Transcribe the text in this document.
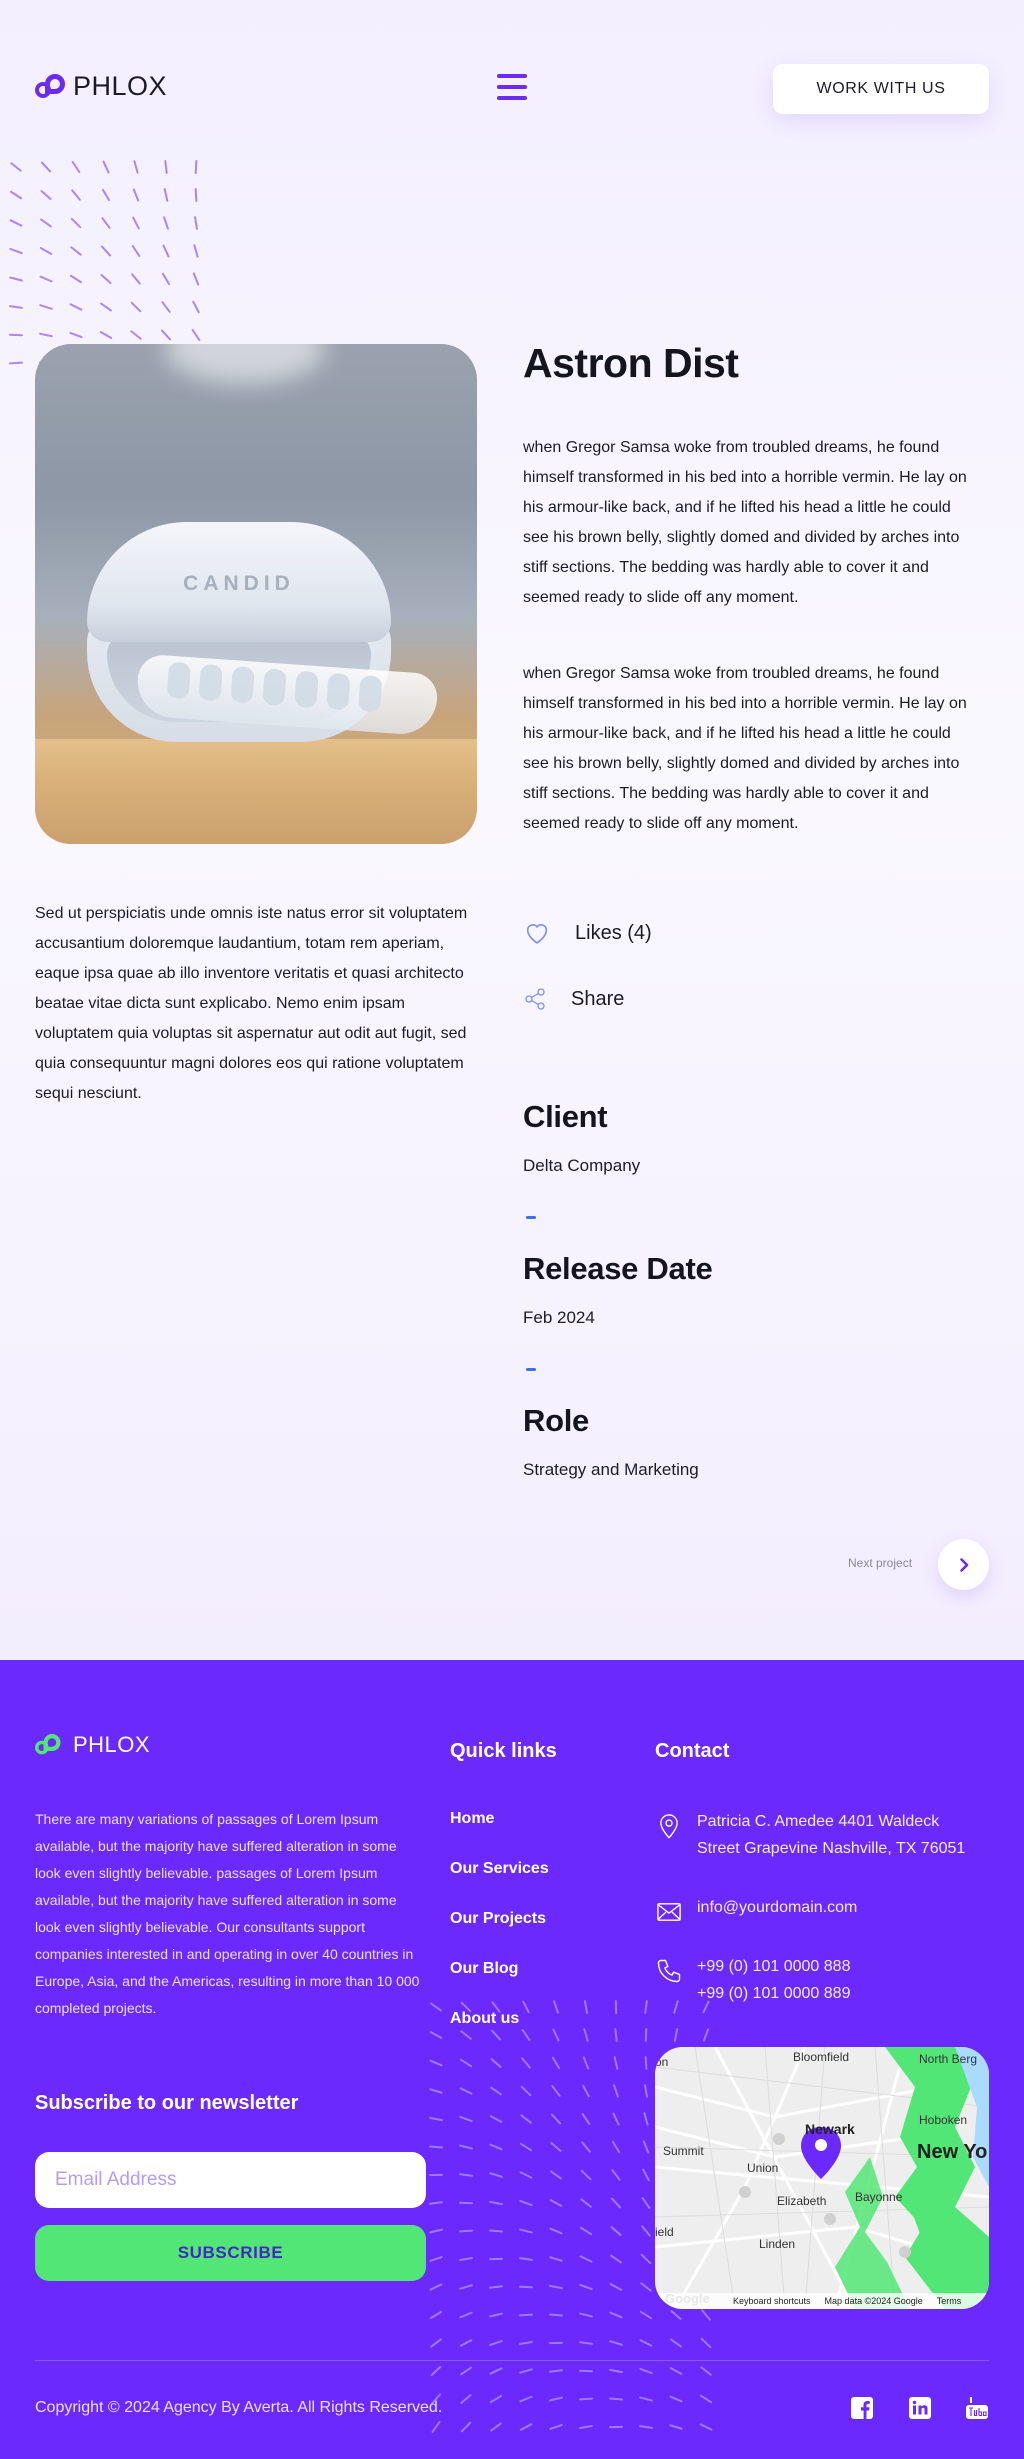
PHLOX	WORK WITH US
CANDID
Astron Dist

when Gregor Samsa woke from troubled dreams, he found himself transformed in his bed into a horrible vermin. He lay on his armour-like back, and if he lifted his head a little he could see his brown belly, slightly domed and divided by arches into stiff sections. The bedding was hardly able to cover it and seemed ready to slide off any moment.

when Gregor Samsa woke from troubled dreams, he found himself transformed in his bed into a horrible vermin. He lay on his armour-like back, and if he lifted his head a little he could see his brown belly, slightly domed and divided by arches into stiff sections. The bedding was hardly able to cover it and seemed ready to slide off any moment.

Sed ut perspiciatis unde omnis iste natus error sit voluptatem accusantium doloremque laudantium, totam rem aperiam, eaque ipsa quae ab illo inventore veritatis et quasi architecto beatae vitae dicta sunt explicabo. Nemo enim ipsam voluptatem quia voluptas sit aspernatur aut odit aut fugit, sed quia consequuntur magni dolores eos qui ratione voluptatem sequi nesciunt.

Likes (4)
Share
Client
Delta Company
Release Date
Feb 2024
Role
Strategy and Marketing
Next project
PHLOX

There are many variations of passages of Lorem Ipsum available, but the majority have suffered alteration in some look even slightly believable. passages of Lorem Ipsum available, but the majority have suffered alteration in some look even slightly believable. Our consultants support companies interested in and operating in over 40 countries in Europe, Asia, and the Americas, resulting in more than 10 000 completed projects.

Subscribe to our newsletter
Email Address
SUBSCRIBE
Quick links
Home
Our Services
Our Projects
Our Blog
About us
Contact
Patricia C. Amedee 4401 Waldeck
Street Grapevine Nashville, TX 76051
info@yourdomain.com
+99 (0) 101 0000 888
+99 (0) 101 0000 889
Bloomfield	North Berg
Hoboken
Newark
New Yo
Summit
Union
Bayonne
Elizabeth
Linden
ield
on
Keyboard shortcuts Map data ©2024 Google Terms
Copyright © 2024 Agency By Averta. All Rights Reserved.
